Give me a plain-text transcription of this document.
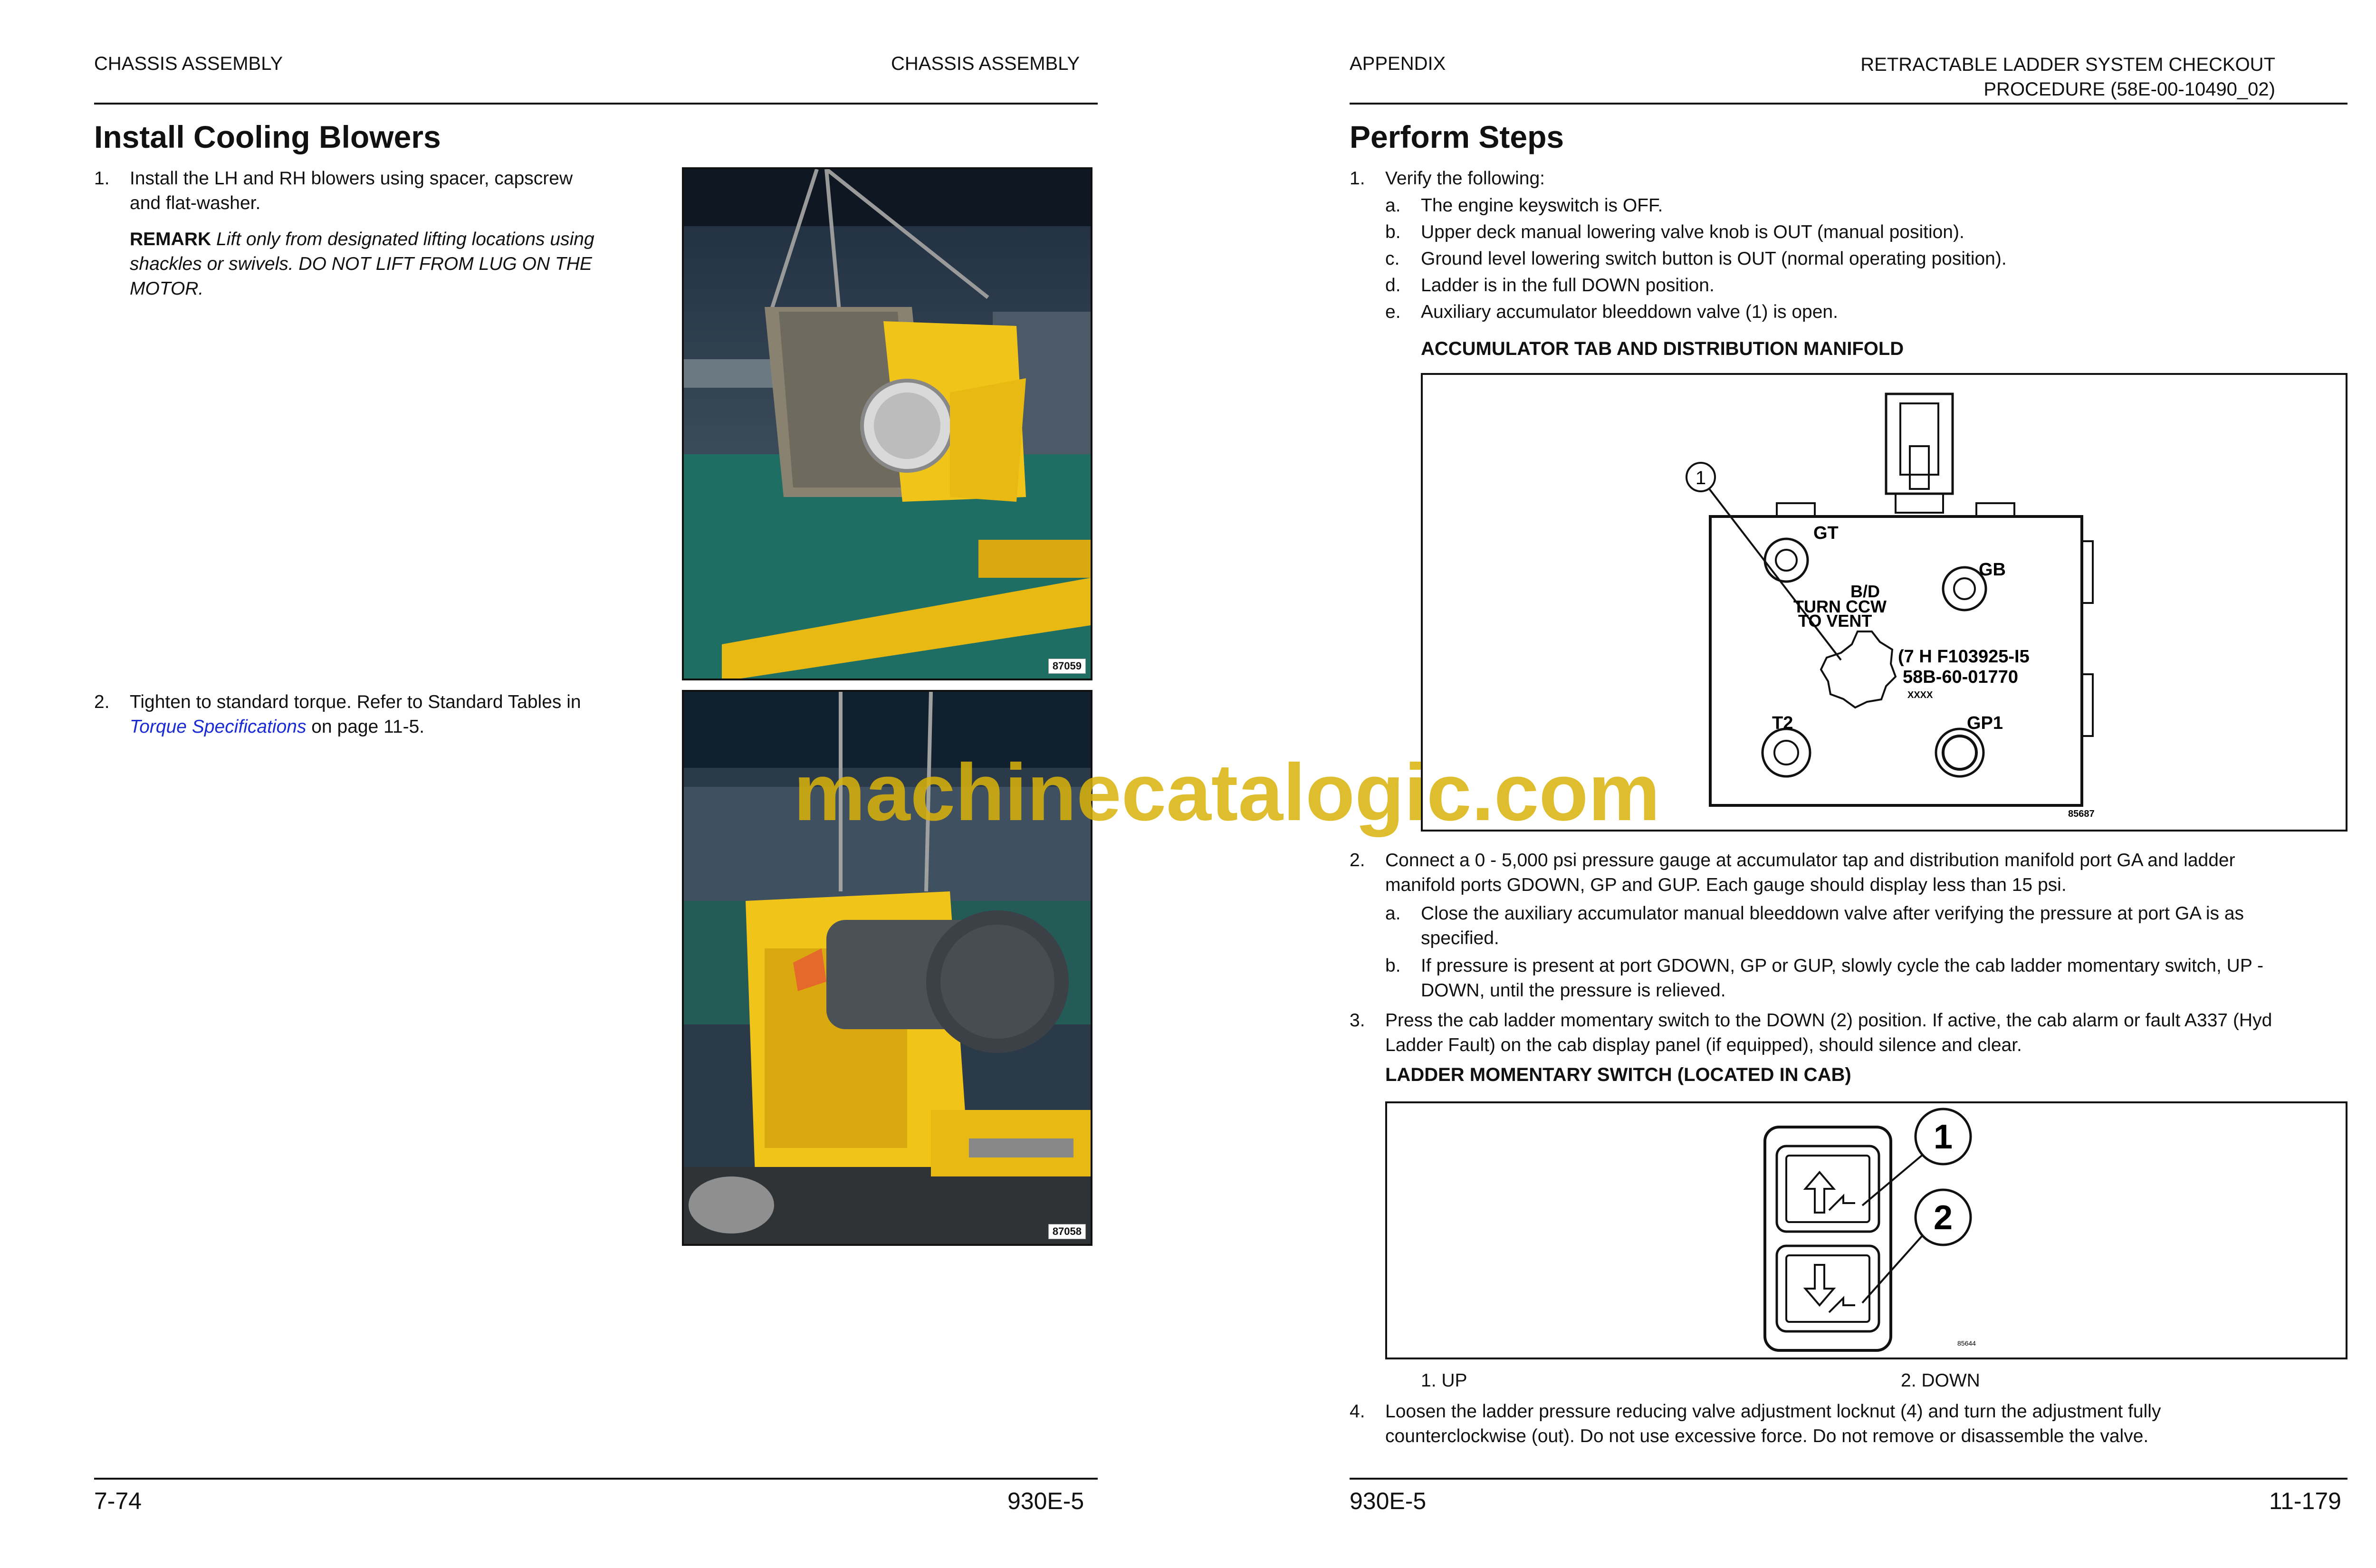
CHASSIS ASSEMBLY	CHASSIS ASSEMBLY
Install Cooling Blowers
1. Install the LH and RH blowers using spacer, capscrew
and flat-washer.
REMARK Lift only from designated lifting locations using
shackles or swivels. DO NOT LIFT FROM LUG ON THE
MOTOR.
2. Tighten to standard torque. Refer to Standard Tables in
Torque Specifications on page 11-5.
87059
87058
7-74	930E-5
APPENDIX	RETRACTABLE LADDER SYSTEM CHECKOUT
PROCEDURE (58E-00-10490_02)
Perform Steps
1. Verify the following:
a. The engine keyswitch is OFF.
b. Upper deck manual lowering valve knob is OUT (manual position).
c. Ground level lowering switch button is OUT (normal operating position).
d. Ladder is in the full DOWN position.
e. Auxiliary accumulator bleeddown valve (1) is open.
ACCUMULATOR TAB AND DISTRIBUTION MANIFOLD
1
GT
GB
B/D
TURN CCW
TO VENT
(7 H F103925-I5
58B-60-01770
XXXX
T2	GP1
85687
2. Connect a 0 - 5,000 psi pressure gauge at accumulator tap and distribution manifold port GA and ladder
manifold ports GDOWN, GP and GUP. Each gauge should display less than 15 psi.
a. Close the auxiliary accumulator manual bleeddown valve after verifying the pressure at port GA is as
specified.
b. If pressure is present at port GDOWN, GP or GUP, slowly cycle the cab ladder momentary switch, UP -
DOWN, until the pressure is relieved.
3. Press the cab ladder momentary switch to the DOWN (2) position. If active, the cab alarm or fault A337 (Hyd
Ladder Fault) on the cab display panel (if equipped), should silence and clear.
LADDER MOMENTARY SWITCH (LOCATED IN CAB)
1
2
85644
1. UP	2. DOWN
4. Loosen the ladder pressure reducing valve adjustment locknut (4) and turn the adjustment fully
counterclockwise (out). Do not use excessive force. Do not remove or disassemble the valve.
930E-5	11-179
machinecatalogic.com
